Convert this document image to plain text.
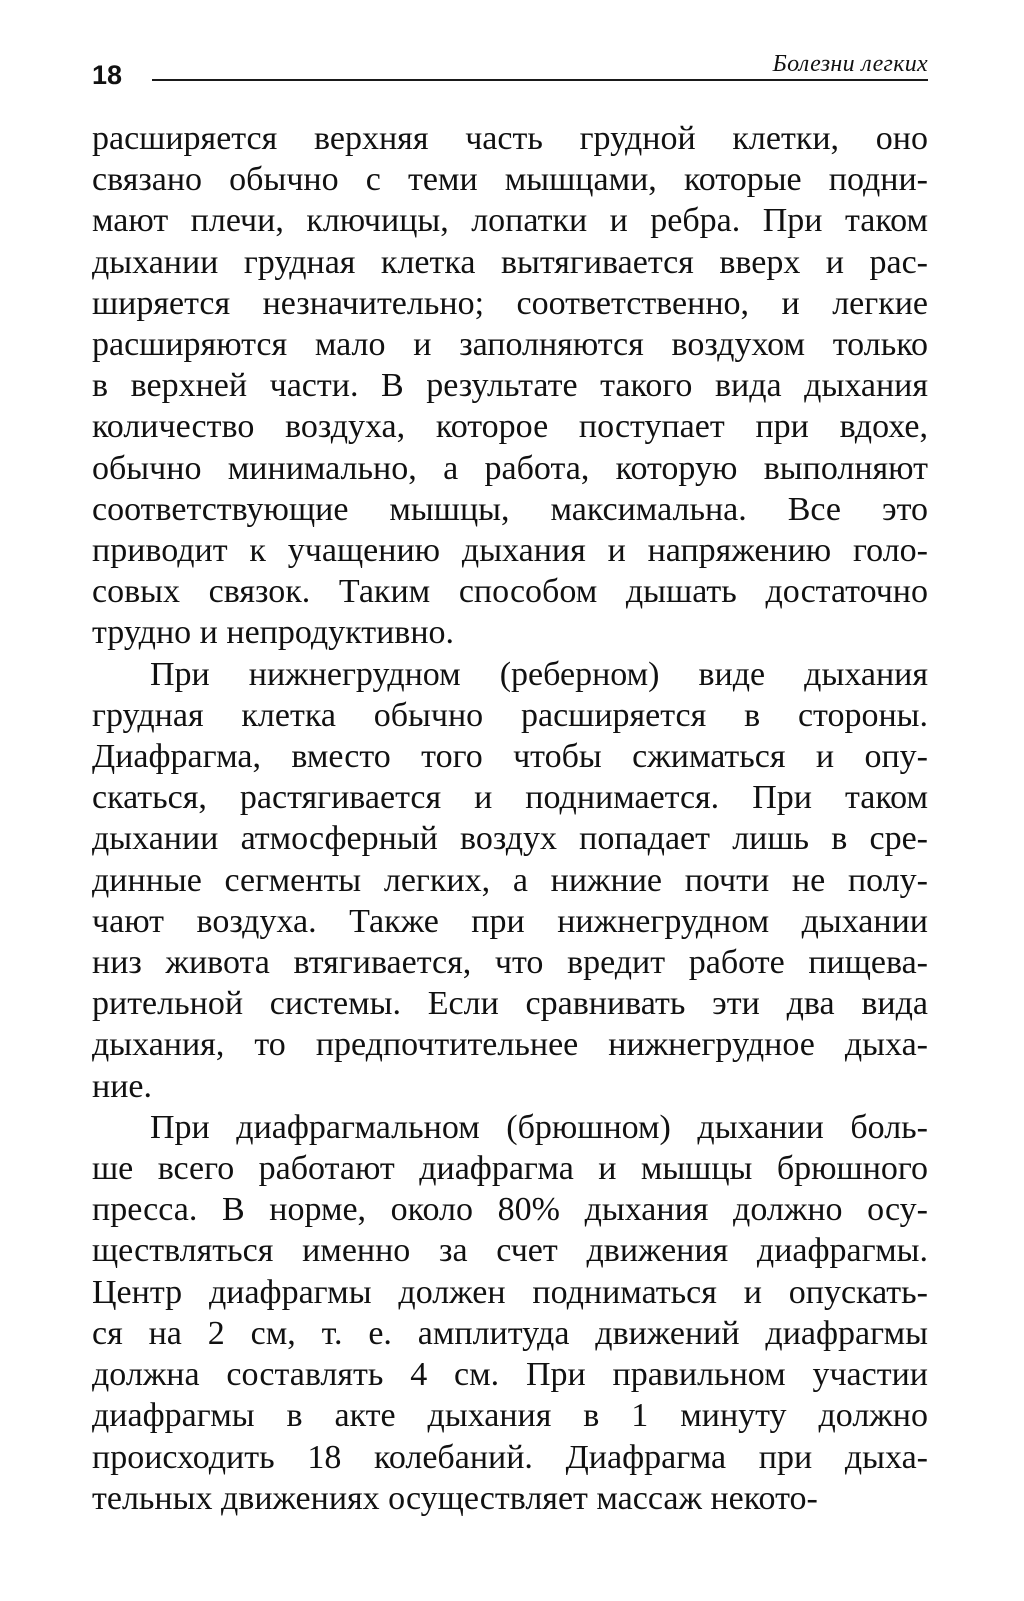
18	Болезни легких

расширяется верхняя часть грудной клетки, оно
связано обычно с теми мышцами, которые подни-
мают плечи, ключицы, лопатки и ребра. При таком
дыхании грудная клетка вытягивается вверх и рас-
ширяется незначительно; соответственно, и легкие
расширяются мало и заполняются воздухом только
в верхней части. В результате такого вида дыхания
количество воздуха, которое поступает при вдохе,
обычно минимально, а работа, которую выполняют
соответствующие мышцы, максимальна. Все это
приводит к учащению дыхания и напряжению голо-
совых связок. Таким способом дышать достаточно
трудно и непродуктивно.

При нижнегрудном (реберном) виде дыхания
грудная клетка обычно расширяется в стороны.
Диафрагма, вместо того чтобы сжиматься и опу-
скаться, растягивается и поднимается. При таком
дыхании атмосферный воздух попадает лишь в сре-
динные сегменты легких, а нижние почти не полу-
чают воздуха. Также при нижнегрудном дыхании
низ живота втягивается, что вредит работе пищева-
рительной системы. Если сравнивать эти два вида
дыхания, то предпочтительнее нижнегрудное дыха-
ние.

При диафрагмальном (брюшном) дыхании боль-
ше всего работают диафрагма и мышцы брюшного
пресса. В норме, около 80% дыхания должно осу-
ществляться именно за счет движения диафрагмы.
Центр диафрагмы должен подниматься и опускать-
ся на 2 см, т. е. амплитуда движений диафрагмы
должна составлять 4 см. При правильном участии
диафрагмы в акте дыхания в 1 минуту должно
происходить 18 колебаний. Диафрагма при дыха-
тельных движениях осуществляет массаж некото-
